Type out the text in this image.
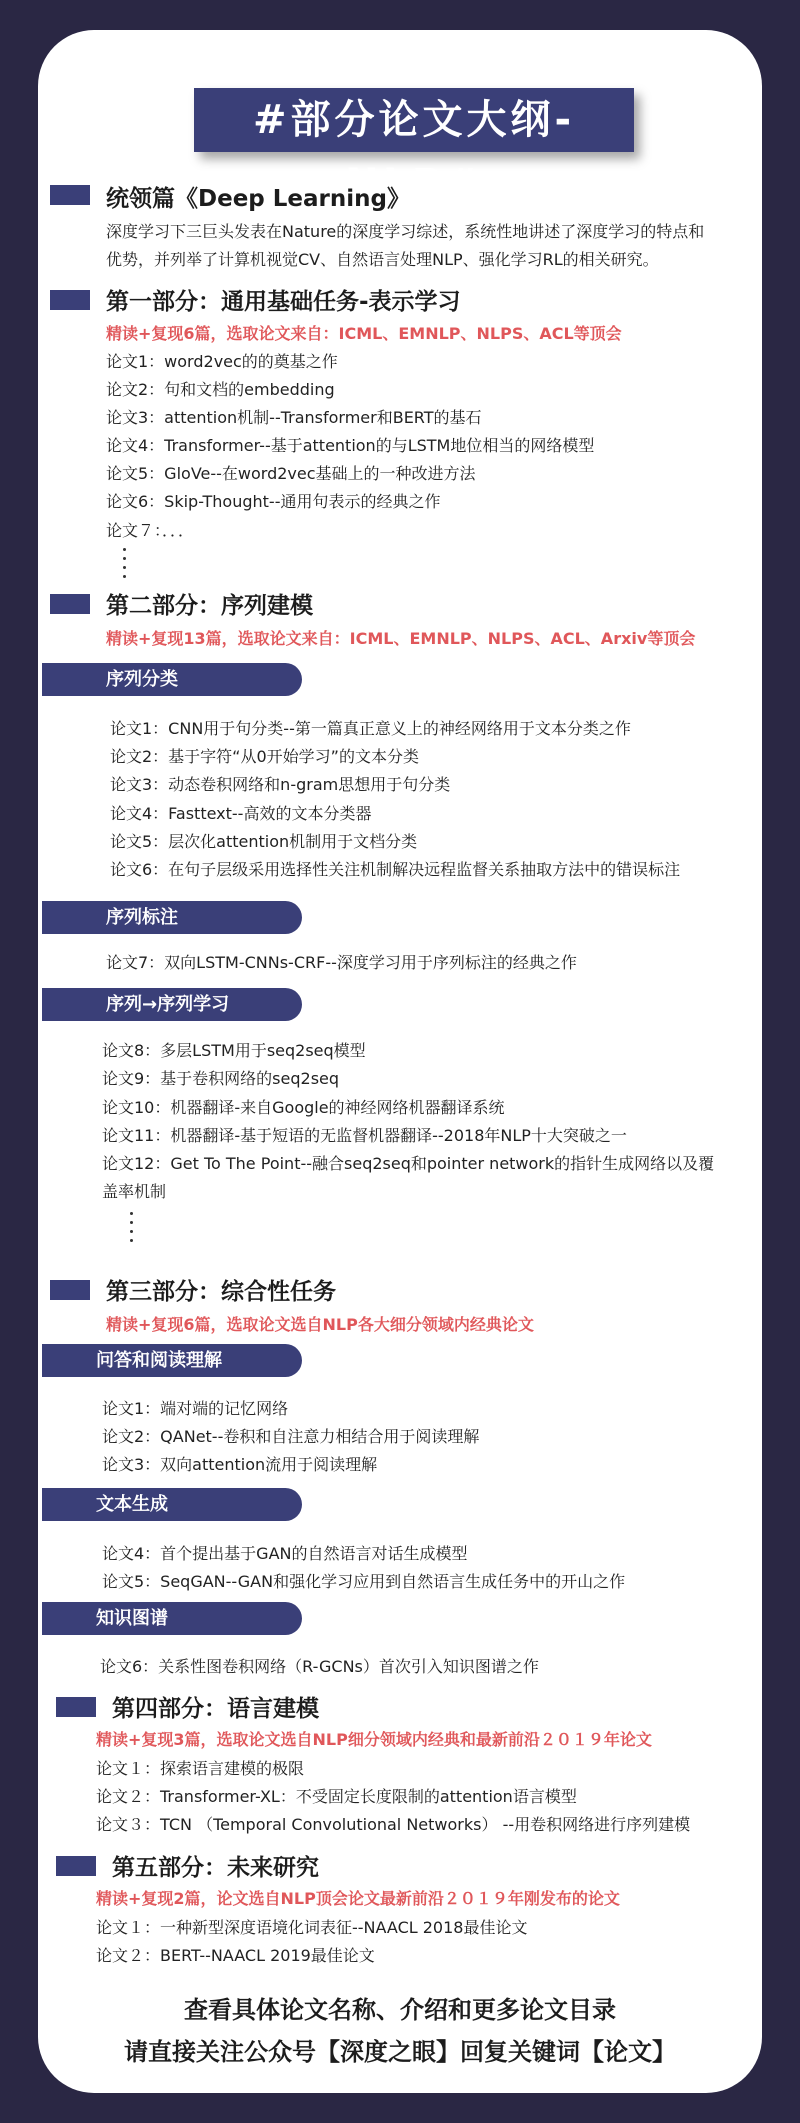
#部分论文大纲-NLP#
统领篇《Deep Learning》
深度学习下三巨头发表在Nature的深度学习综述，系统性地讲述了深度学习的特点和
优势，并列举了计算机视觉CV、自然语言处理NLP、强化学习RL的相关研究。
第一部分：通用基础任务-表示学习
精读+复现6篇，选取论文来自：ICML、EMNLP、NLPS、ACL等顶会
论文1：word2vec的的奠基之作
论文2：句和文档的embedding
论文3：attention机制--Transformer和BERT的基石
论文4：Transformer--基于attention的与LSTM地位相当的网络模型
论文5：GloVe--在word2vec基础上的一种改进方法
论文6：Skip-Thought--通用句表示的经典之作
论文７：．．．
第二部分：序列建模
精读+复现13篇，选取论文来自：ICML、EMNLP、NLPS、ACL、Arxiv等顶会
序列分类
论文1：CNN用于句分类--第一篇真正意义上的神经网络用于文本分类之作
论文2：基于字符“从0开始学习”的文本分类
论文3：动态卷积网络和n-gram思想用于句分类
论文4：Fasttext--高效的文本分类器
论文5：层次化attention机制用于文档分类
论文6：在句子层级采用选择性关注机制解决远程监督关系抽取方法中的错误标注
序列标注
论文7：双向LSTM-CNNs-CRF--深度学习用于序列标注的经典之作
序列→序列学习
论文8：多层LSTM用于seq2seq模型
论文9：基于卷积网络的seq2seq
论文10：机器翻译-来自Google的神经网络机器翻译系统
论文11：机器翻译-基于短语的无监督机器翻译--2018年NLP十大突破之一
论文12：Get To The Point--融合seq2seq和pointer network的指针生成网络以及覆
盖率机制
第三部分：综合性任务
精读+复现6篇，选取论文选自NLP各大细分领域内经典论文
问答和阅读理解
论文1：端对端的记忆网络
论文2：QANet--卷积和自注意力相结合用于阅读理解
论文3：双向attention流用于阅读理解
文本生成
论文4：首个提出基于GAN的自然语言对话生成模型
论文5：SeqGAN--GAN和强化学习应用到自然语言生成任务中的开山之作
知识图谱
论文6：关系性图卷积网络（R-GCNs）首次引入知识图谱之作
第四部分：语言建模
精读+复现3篇，选取论文选自NLP细分领域内经典和最新前沿２０１９年论文
论文１：探索语言建模的极限
论文２：Transformer-XL：不受固定长度限制的attention语言模型
论文３：TCN （Temporal Convolutional Networks） --用卷积网络进行序列建模
第五部分：未来研究
精读+复现2篇，论文选自NLP顶会论文最新前沿２０１９年刚发布的论文
论文１：一种新型深度语境化词表征--NAACL 2018最佳论文
论文２：BERT--NAACL 2019最佳论文
查看具体论文名称、介绍和更多论文目录
请直接关注公众号【深度之眼】回复关键词【论文】
